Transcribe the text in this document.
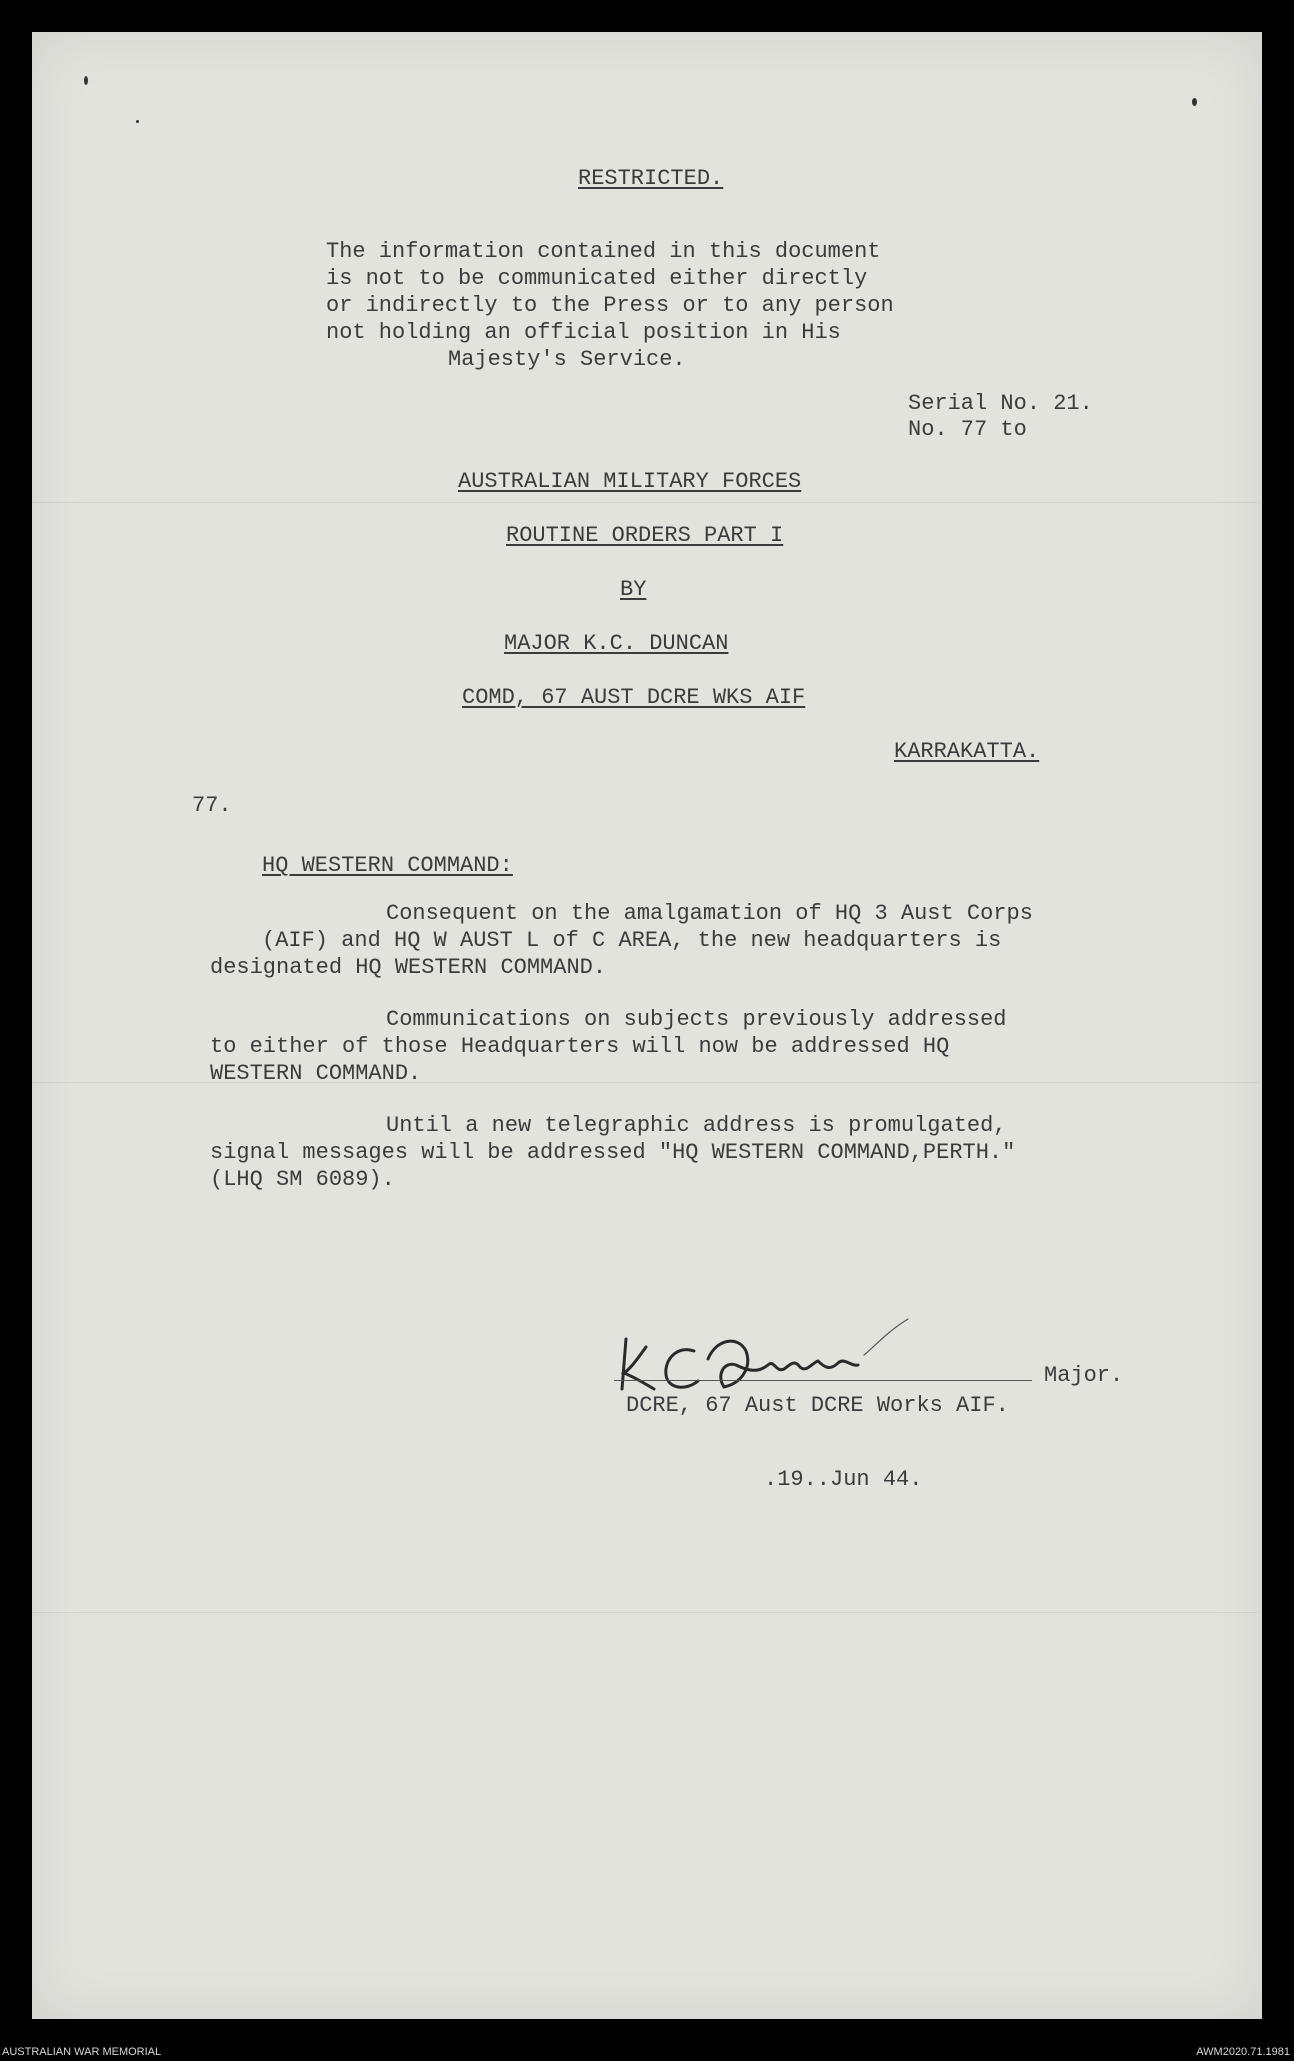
RESTRICTED.

The information contained in this document

is not to be communicated either directly

or indirectly to the Press or to any person

not holding an official position in His

Majesty's Service.

Serial No. 21.

No. 77 to

AUSTRALIAN MILITARY FORCES

ROUTINE ORDERS PART I

BY

MAJOR K.C. DUNCAN

COMD, 67 AUST DCRE WKS AIF

KARRAKATTA.

77.

HQ WESTERN COMMAND:

Consequent on the amalgamation of HQ 3 Aust Corps

(AIF) and HQ W AUST L of C AREA, the new headquarters is

designated HQ WESTERN COMMAND.

Communications on subjects previously addressed

to either of those Headquarters will now be addressed HQ

WESTERN COMMAND.

Until a new telegraphic address is promulgated,

signal messages will be addressed "HQ WESTERN COMMAND,PERTH."

(LHQ SM 6089).

Major.

DCRE, 67 Aust DCRE Works AIF.

.19..Jun 44.

AUSTRALIAN WAR MEMORIAL	AWM2020.71.1981
